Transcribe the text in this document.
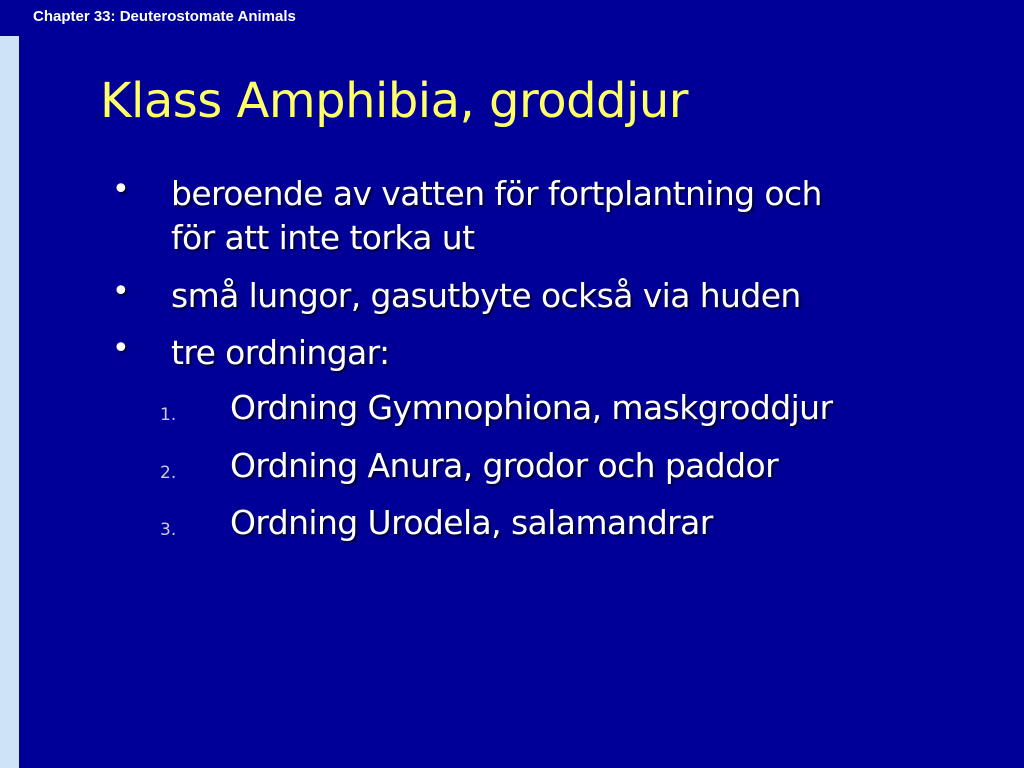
Chapter 33: Deuterostomate Animals
Klass Amphibia, groddjur
• beroende av vatten för fortplantning och
för att inte torka ut
• små lungor, gasutbyte också via huden
• tre ordningar:
1. Ordning Gymnophiona, maskgroddjur
2. Ordning Anura, grodor och paddor
3. Ordning Urodela, salamandrar
